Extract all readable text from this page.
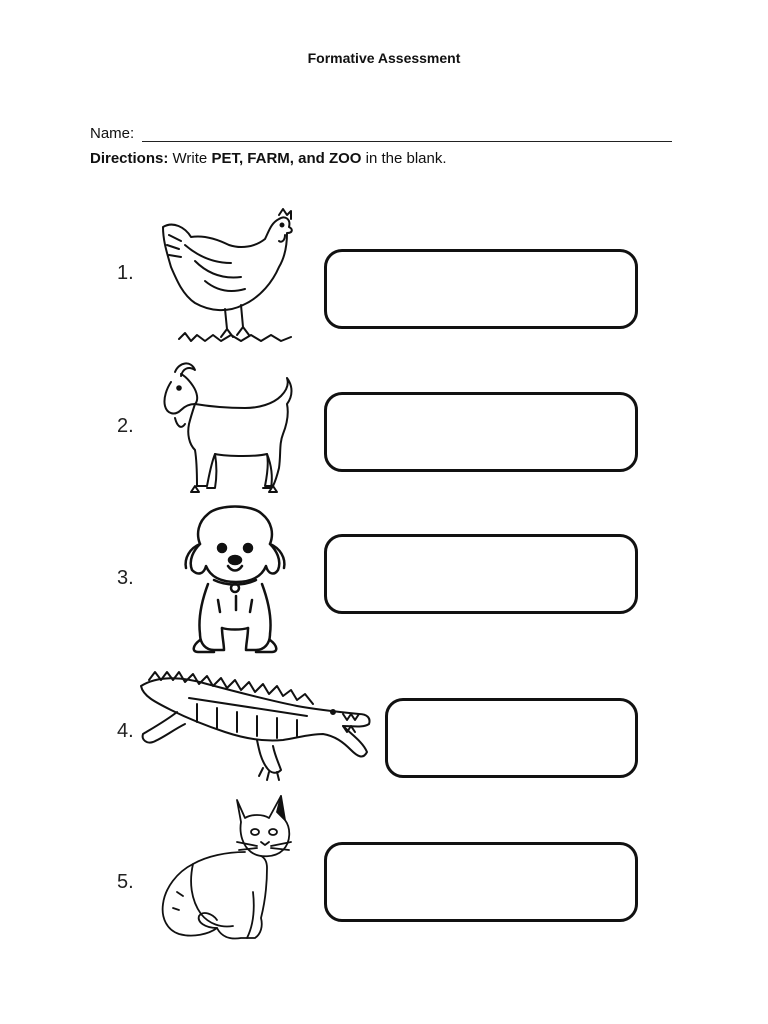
Formative Assessment
Name:
Directions: Write PET, FARM, and ZOO in the blank.
1.
2.
3.
4.
5.
